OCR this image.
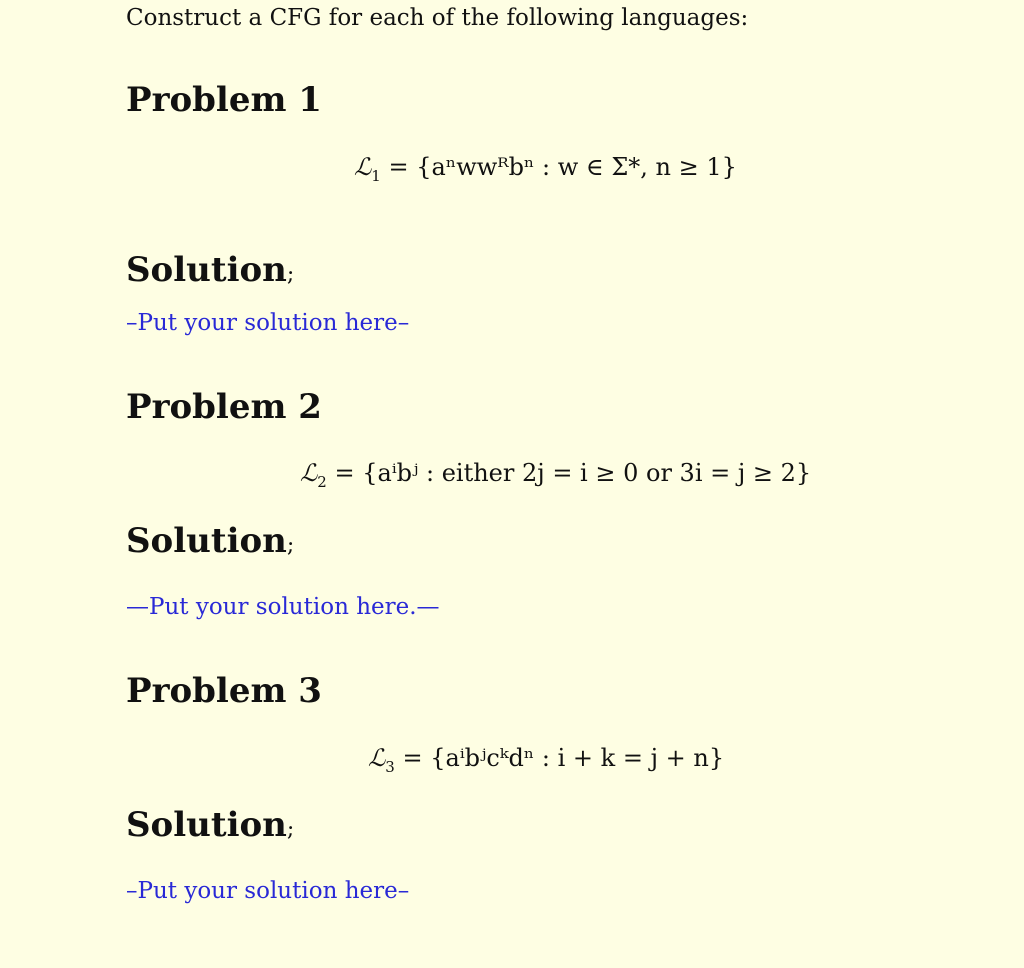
Construct a CFG for each of the following languages:
Problem 1
ℒ$_1$ = {aⁿwwᴿbⁿ : w ∈ Σ*, n ≥ 1}
Solution;
–Put your solution here–
Problem 2
ℒ$_2$ = {aⁱbʲ : either 2j = i ≥ 0 or 3i = j ≥ 2}
Solution;
—Put your solution here.—
Problem 3
ℒ$_3$ = {aⁱbʲcᵏdⁿ : i + k = j + n}
Solution;
–Put your solution here–
